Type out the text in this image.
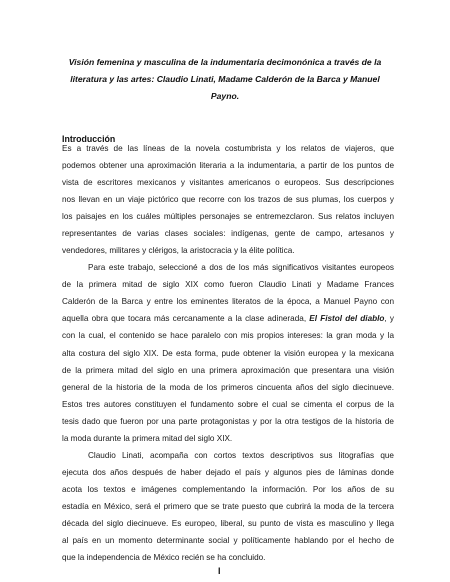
Visión femenina y masculina de la indumentaria decimonónica a través de la
literatura y las artes: Claudio Linati, Madame Calderón de la Barca y Manuel
Payno.
Introducción
Es a través de las líneas de la novela costumbrista y los relatos de viajeros, que
podemos obtener una aproximación literaria a la indumentaria, a partir de los puntos de
vista de escritores mexicanos y visitantes americanos o europeos. Sus descripciones
nos llevan en un viaje pictórico que recorre con los trazos de sus plumas, los cuerpos y
los paisajes en los cuáles múltiples personajes se entremezclaron. Sus relatos incluyen
representantes de varias clases sociales: indígenas, gente de campo, artesanos y
vendedores, militares y clérigos, la aristocracia y la élite política.
Para este trabajo, seleccioné a dos de los más significativos visitantes europeos
de la primera mitad de siglo XIX como fueron Claudio Linati y Madame Frances
Calderón de la Barca y entre los eminentes literatos de la época, a Manuel Payno con
aquella obra que tocara más cercanamente a la clase adinerada, El Fistol del diablo, y
con la cual, el contenido se hace paralelo con mis propios intereses: la gran moda y la
alta costura del siglo XIX. De esta forma, pude obtener la visión europea y la mexicana
de la primera mitad del siglo en una primera aproximación que presentara una visión
general de la historia de la moda de los primeros cincuenta años del siglo diecinueve.
Estos tres autores constituyen el fundamento sobre el cual se cimenta el corpus de la
tesis dado que fueron por una parte protagonistas y por la otra testigos de la historia de
la moda durante la primera mitad del siglo XIX.
Claudio Linati, acompaña con cortos textos descriptivos sus litografías que
ejecuta dos años después de haber dejado el país y algunos pies de láminas donde
acota los textos e imágenes complementando la información. Por los años de su
estadía en México, será el primero que se trate puesto que cubrirá la moda de la tercera
década del siglo diecinueve. Es europeo, liberal, su punto de vista es masculino y llega
al país en un momento determinante social y políticamente hablando por el hecho de
que la independencia de México recién se ha concluido.
I
